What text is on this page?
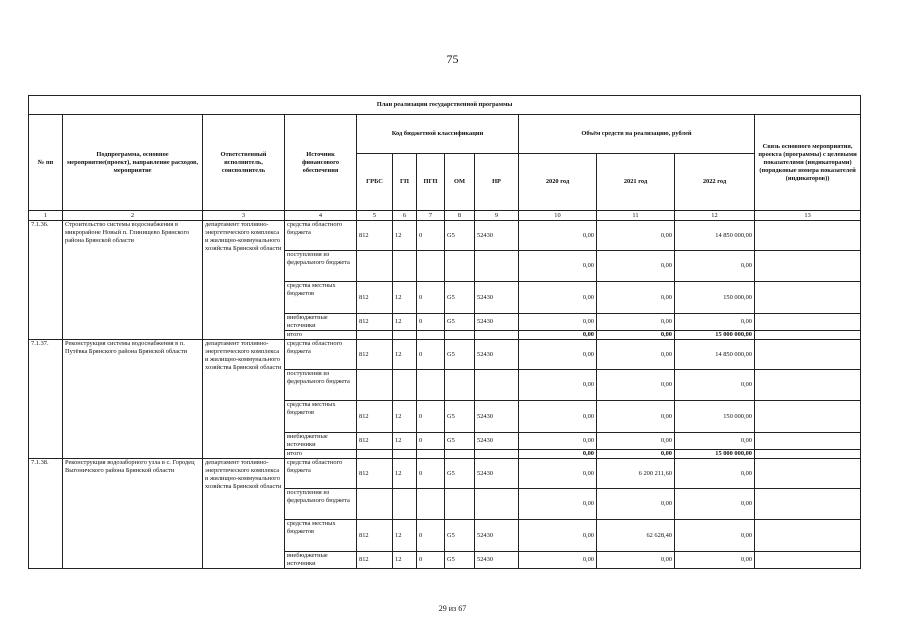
75
План реализации государственной программы												
№ пп	Подпрограмма, основное мероприятие(проект), направление расходов, мероприятие	Ответственный исполнитель, соисполнитель	Источник финансового обеспечения	Код бюджетной классификации					Объём средств на реализацию, рублей			Связь основного мероприятия, проекта (программы) с целевыми показателями (индикаторами) (порядковые номера показателей (индикаторов))
				ГРБС	ГП	ПГП	ОМ	НР	2020 год	2021 год	2022 год	
1	2	3	4	5	6	7	8	9	10	11	12	13
7.1.36.	Строительство системы водоснабжения в микрорайоне Новый п. Глинищево Брянского района Брянской области	департамент топливно-энергетического комплекса и жилищно-коммунального хозяйства Брянской области	средства областного бюджета	812	12	0	G5	52430	0,00	0,00	14 850 000,00	
			поступления из федерального бюджета						0,00	0,00	0,00	
			средства местных бюджетов	812	12	0	G5	52430	0,00	0,00	150 000,00	
			внебюджетные источники	812	12	0	G5	52430	0,00	0,00	0,00	
			итого						0,00	0,00	15 000 000,00	
7.1.37.	Реконструкция системы водоснабжения в п. Путёвка Брянского района Брянской области	департамент топливно-энергетического комплекса и жилищно-коммунального хозяйства Брянской области	средства областного бюджета	812	12	0	G5	52430	0,00	0,00	14 850 000,00	
			поступления из федерального бюджета						0,00	0,00	0,00	
			средства местных бюджетов	812	12	0	G5	52430	0,00	0,00	150 000,00	
			внебюджетные источники	812	12	0	G5	52430	0,00	0,00	0,00	
			итого						0,00	0,00	15 000 000,00	
7.1.38.	Реконструкция водозаборного узла в с. Городец Выгоничского района Брянской области	департамент топливно-энергетического комплекса и жилищно-коммунального хозяйства Брянской области	средства областного бюджета	812	12	0	G5	52430	0,00	6 200 211,60	0,00	
			поступления из федерального бюджета						0,00	0,00	0,00	
			средства местных бюджетов	812	12	0	G5	52430	0,00	62 628,40	0,00	
			внебюджетные источники	812	12	0	G5	52430	0,00	0,00	0,00	
29 из 67
